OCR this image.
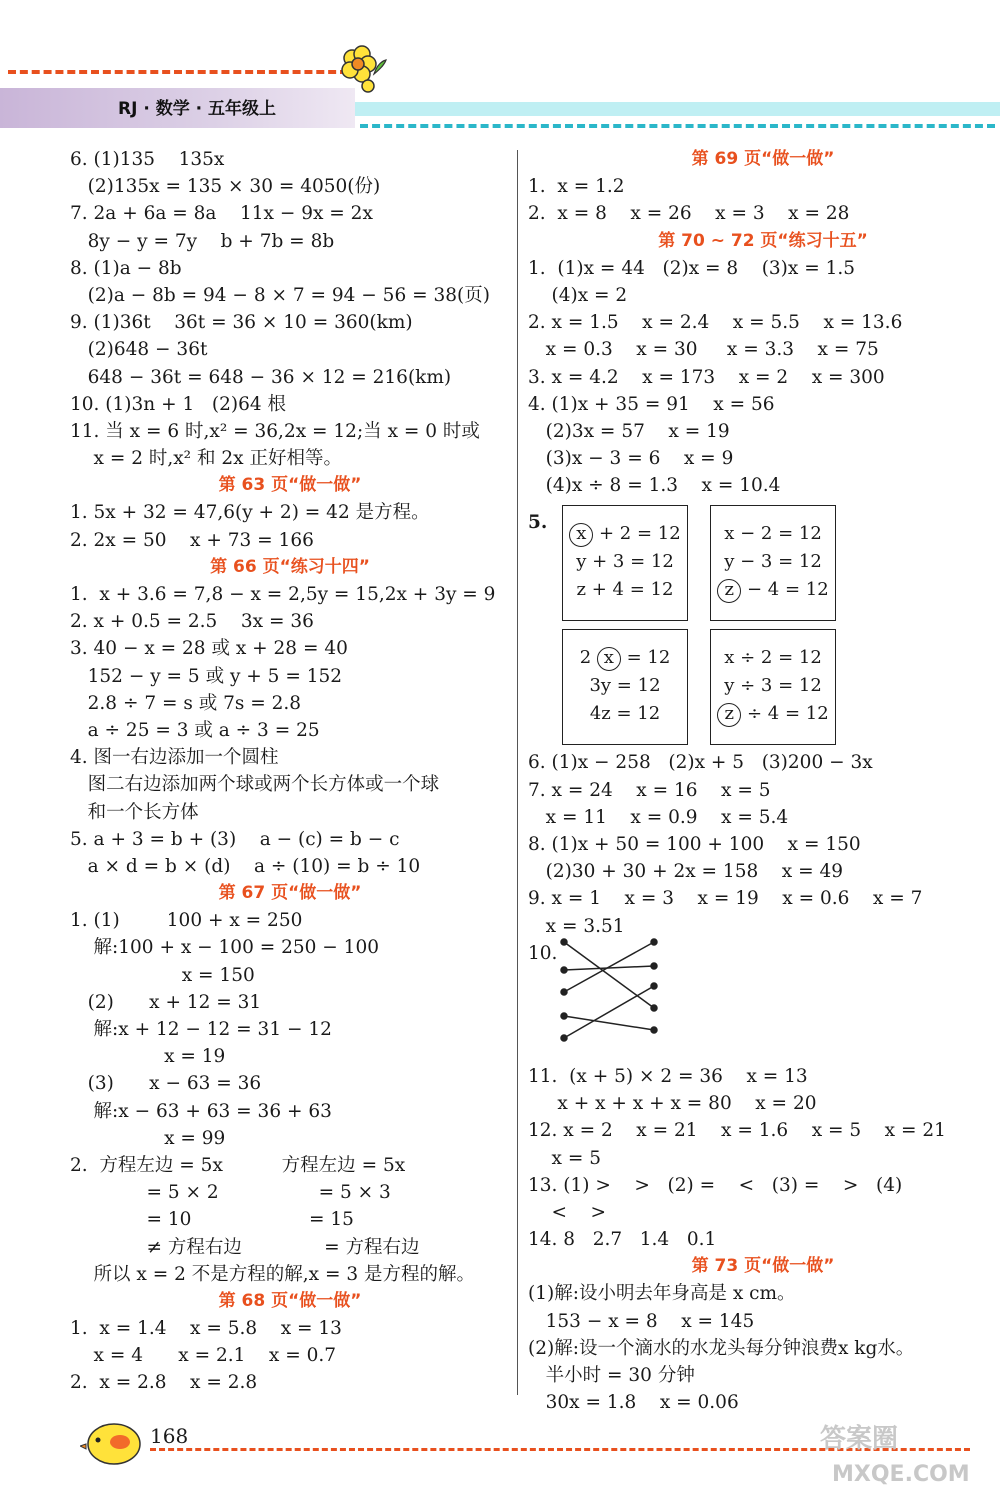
RJ · 数学 · 五年级上
6. (1)135    135x
(2)135x = 135 × 30 = 4050(份)
7. 2a + 6a = 8a    11x − 9x = 2x
8y − y = 7y    b + 7b = 8b
8. (1)a − 8b
(2)a − 8b = 94 − 8 × 7 = 94 − 56 = 38(页)
9. (1)36t    36t = 36 × 10 = 360(km)
(2)648 − 36t
648 − 36t = 648 − 36 × 12 = 216(km)
10. (1)3n + 1   (2)64 根
11. 当 x = 6 时,x² = 36,2x = 12;当 x = 0 时或
x = 2 时,x² 和 2x 正好相等。
第 63 页“做一做”
1. 5x + 32 = 47,6(y + 2) = 42 是方程。
2. 2x = 50    x + 73 = 166
第 66 页“练习十四”
1.  x + 3.6 = 7,8 − x = 2,5y = 15,2x + 3y = 9
2. x + 0.5 = 2.5    3x = 36
3. 40 − x = 28 或 x + 28 = 40
152 − y = 5 或 y + 5 = 152
2.8 ÷ 7 = s 或 7s = 2.8
a ÷ 25 = 3 或 a ÷ 3 = 25
4. 图一右边添加一个圆柱
图二右边添加两个球或两个长方体或一个球
和一个长方体
5. a + 3 = b + (3)    a − (c) = b − c
a × d = b × (d)    a ÷ (10) = b ÷ 10
第 67 页“做一做”
1. (1)        100 + x = 250
解:100 + x − 100 = 250 − 100
x = 150
(2)      x + 12 = 31
解:x + 12 − 12 = 31 − 12
x = 19
(3)      x − 63 = 36
解:x − 63 + 63 = 36 + 63
x = 99
2.  方程左边 = 5x          方程左边 = 5x
= 5 × 2                 = 5 × 3
= 10                    = 15
≠ 方程右边              = 方程右边
所以 x = 2 不是方程的解,x = 3 是方程的解。
第 68 页“做一做”
1.  x = 1.4    x = 5.8    x = 13
x = 4      x = 2.1    x = 0.7
2.  x = 2.8    x = 2.8
第 69 页“做一做”
1.  x = 1.2
2.  x = 8    x = 26    x = 3    x = 28
第 70 ~ 72 页“练习十五”
1.  (1)x = 44   (2)x = 8    (3)x = 1.5
(4)x = 2
2. x = 1.5    x = 2.4    x = 5.5    x = 13.6
x = 0.3    x = 30     x = 3.3    x = 75
3. x = 4.2    x = 173    x = 2    x = 300
4. (1)x + 35 = 91    x = 56
(2)3x = 57    x = 19
(3)x − 3 = 6    x = 9
(4)x ÷ 8 = 1.3    x = 10.4
5.
x + 2 = 12
y + 3 = 12
z + 4 = 12
x − 2 = 12
y − 3 = 12
z − 4 = 12
2 x = 12
3y = 12
4z = 12
x ÷ 2 = 12
y ÷ 3 = 12
z ÷ 4 = 12
6. (1)x − 258   (2)x + 5   (3)200 − 3x
7. x = 24    x = 16    x = 5
x = 11    x = 0.9    x = 5.4
8. (1)x + 50 = 100 + 100    x = 150
(2)30 + 30 + 2x = 158    x = 49
9. x = 1    x = 3    x = 19    x = 0.6    x = 7
x = 3.51
10.
11.  (x + 5) × 2 = 36    x = 13
x + x + x + x = 80    x = 20
12. x = 2    x = 21    x = 1.6    x = 5    x = 21
x = 5
13. (1) >    >   (2) =    <   (3) =    >   (4)
<    >
14. 8   2.7   1.4   0.1
第 73 页“做一做”
(1)解:设小明去年身高是 x cm。
153 − x = 8    x = 145
(2)解:设一个滴水的水龙头每分钟浪费x kg水。
半小时 = 30 分钟
30x = 1.8    x = 0.06
168	答案圈
MXQE.COM
